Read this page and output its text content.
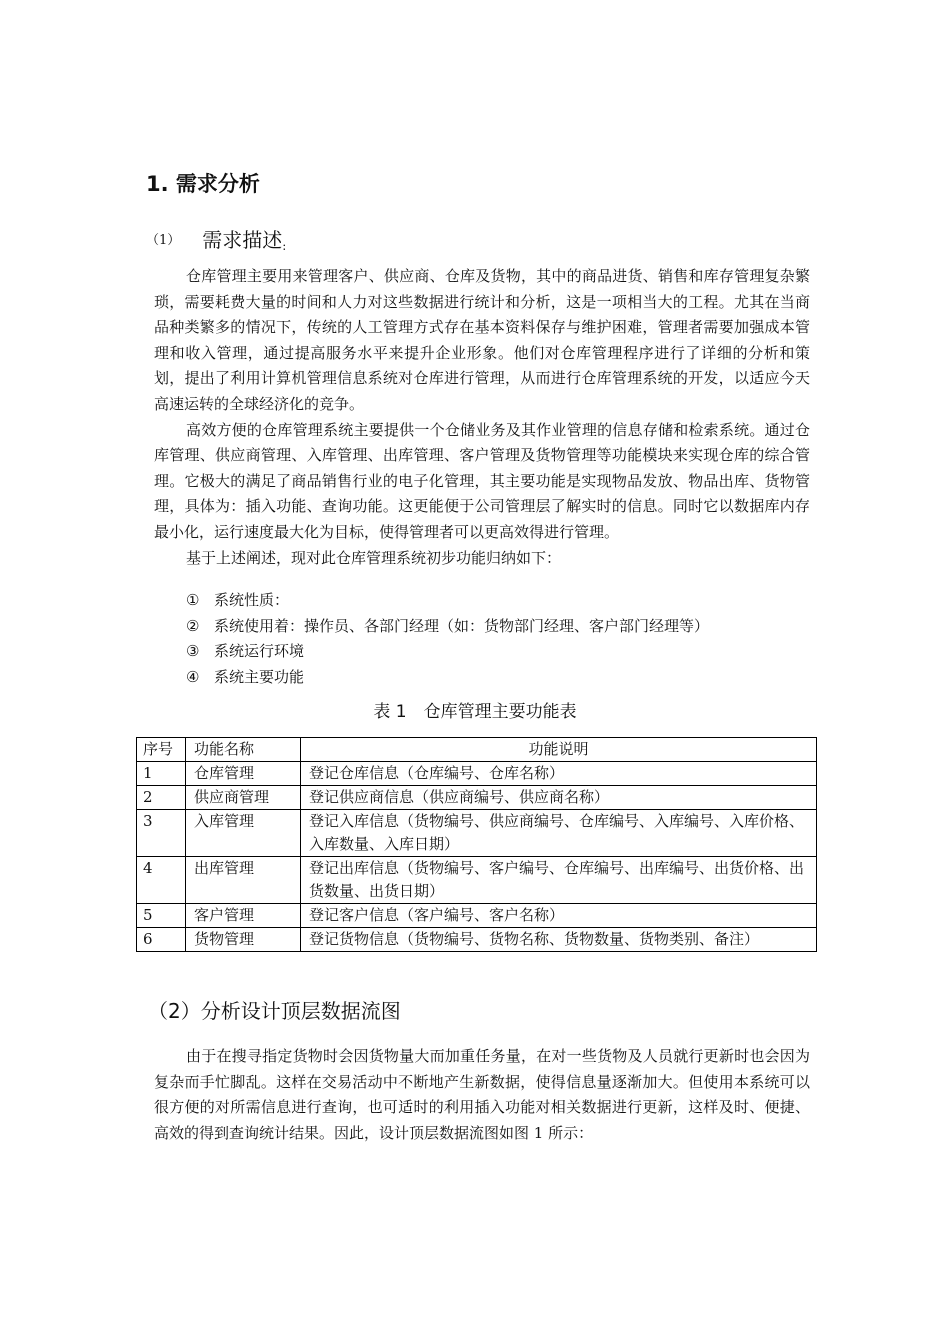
1. 需求分析
（1） 需求描述:

仓库管理主要用来管理客户、供应商、仓库及货物，其中的商品进货、销售和库存管理复杂繁琐，需要耗费大量的时间和人力对这些数据进行统计和分析，这是一项相当大的工程。尤其在当商品种类繁多的情况下，传统的人工管理方式存在基本资料保存与维护困难，管理者需要加强成本管理和收入管理，通过提高服务水平来提升企业形象。他们对仓库管理程序进行了详细的分析和策划，提出了利用计算机管理信息系统对仓库进行管理，从而进行仓库管理系统的开发，以适应今天高速运转的全球经济化的竞争。

高效方便的仓库管理系统主要提供一个仓储业务及其作业管理的信息存储和检索系统。通过仓库管理、供应商管理、入库管理、出库管理、客户管理及货物管理等功能模块来实现仓库的综合管理。它极大的满足了商品销售行业的电子化管理，其主要功能是实现物品发放、物品出库、货物管理，具体为：插入功能、查询功能。这更能便于公司管理层了解实时的信息。同时它以数据库内存最小化，运行速度最大化为目标，使得管理者可以更高效得进行管理。

基于上述阐述，现对此仓库管理系统初步功能归纳如下：

① 系统性质：
② 系统使用着：操作员、各部门经理（如：货物部门经理、客户部门经理等）
③ 系统运行环境
④ 系统主要功能
表 1　仓库管理主要功能表
序号	功能名称	功能说明
1	仓库管理	登记仓库信息（仓库编号、仓库名称）
2	供应商管理	登记供应商信息（供应商编号、供应商名称）
3	入库管理	登记入库信息（货物编号、供应商编号、仓库编号、入库编号、入库价格、入库数量、入库日期）
4	出库管理	登记出库信息（货物编号、客户编号、仓库编号、出库编号、出货价格、出货数量、出货日期）
5	客户管理	登记客户信息（客户编号、客户名称）
6	货物管理	登记货物信息（货物编号、货物名称、货物数量、货物类别、备注）
（2）分析设计顶层数据流图

由于在搜寻指定货物时会因货物量大而加重任务量，在对一些货物及人员就行更新时也会因为复杂而手忙脚乱。这样在交易活动中不断地产生新数据，使得信息量逐渐加大。但使用本系统可以很方便的对所需信息进行查询，也可适时的利用插入功能对相关数据进行更新，这样及时、便捷、高效的得到查询统计结果。因此，设计顶层数据流图如图 1 所示：
